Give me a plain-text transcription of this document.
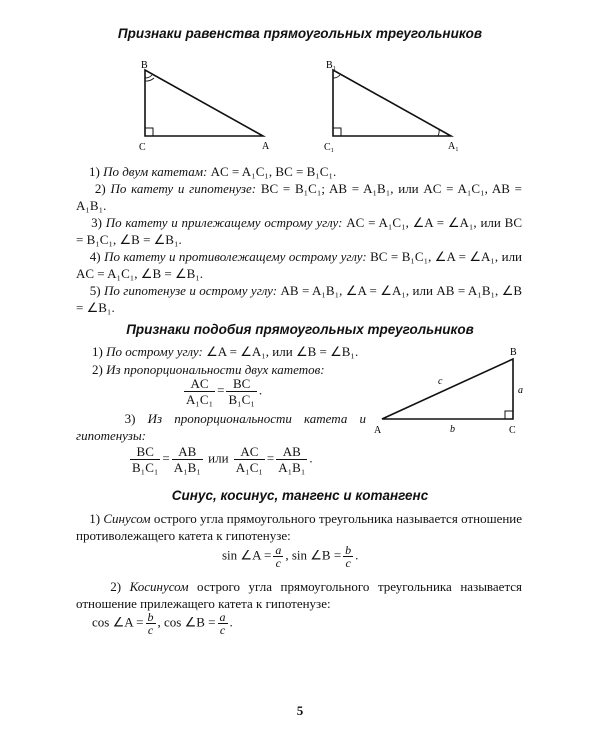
Признаки равенства прямоугольных треугольников
B
C	A
B₁
C₁	A₁
1) По двум катетам: AC = A₁C₁, BC = B₁C₁.
2) По катету и гипотенузе: BC = B₁C₁; AB = A₁B₁, или AC = A₁C₁, AB = A₁B₁.
3) По катету и прилежащему острому углу: AC = A₁C₁, ∠A = ∠A₁, или BC = B₁C₁, ∠B = ∠B₁.
4) По катету и противолежащему острому углу: BC = B₁C₁, ∠A = ∠A₁, или AC = A₁C₁, ∠B = ∠B₁.
5) По гипотенузе и острому углу: AB = A₁B₁, ∠A = ∠A₁, или AB = A₁B₁, ∠B = ∠B₁.
Признаки подобия прямоугольных треугольников
1) По острому углу: ∠A = ∠A₁, или ∠B = ∠B₁.
2) Из пропорциональности двух катетов:
$\frac{AC}{\text{A₁C₁}} = \frac{BC}{\text{B₁C₁}}$ .
3) Из пропорциональности катета и гипотенузы:
$\frac{BC}{\text{B₁C₁}} = \frac{AB}{\text{A₁B₁}}$ или $\frac{AC}{\text{A₁C₁}} = \frac{AB}{\text{A₁B₁}}$ .
B
A	C
a
b
c
Синус, косинус, тангенс и котангенс
1) Синусом острого угла прямоугольного треугольника называется отношение противолежащего катета к гипотенузе:
sin ∠A = $\frac{a}{c}$ , sin ∠B = $\frac{b}{c}$ .
2) Косинусом острого угла прямоугольного треугольника называется отношение прилежащего катета к гипотенузе:
cos ∠A = $\frac{b}{c}$ , cos ∠B = $\frac{a}{c}$ .
5
